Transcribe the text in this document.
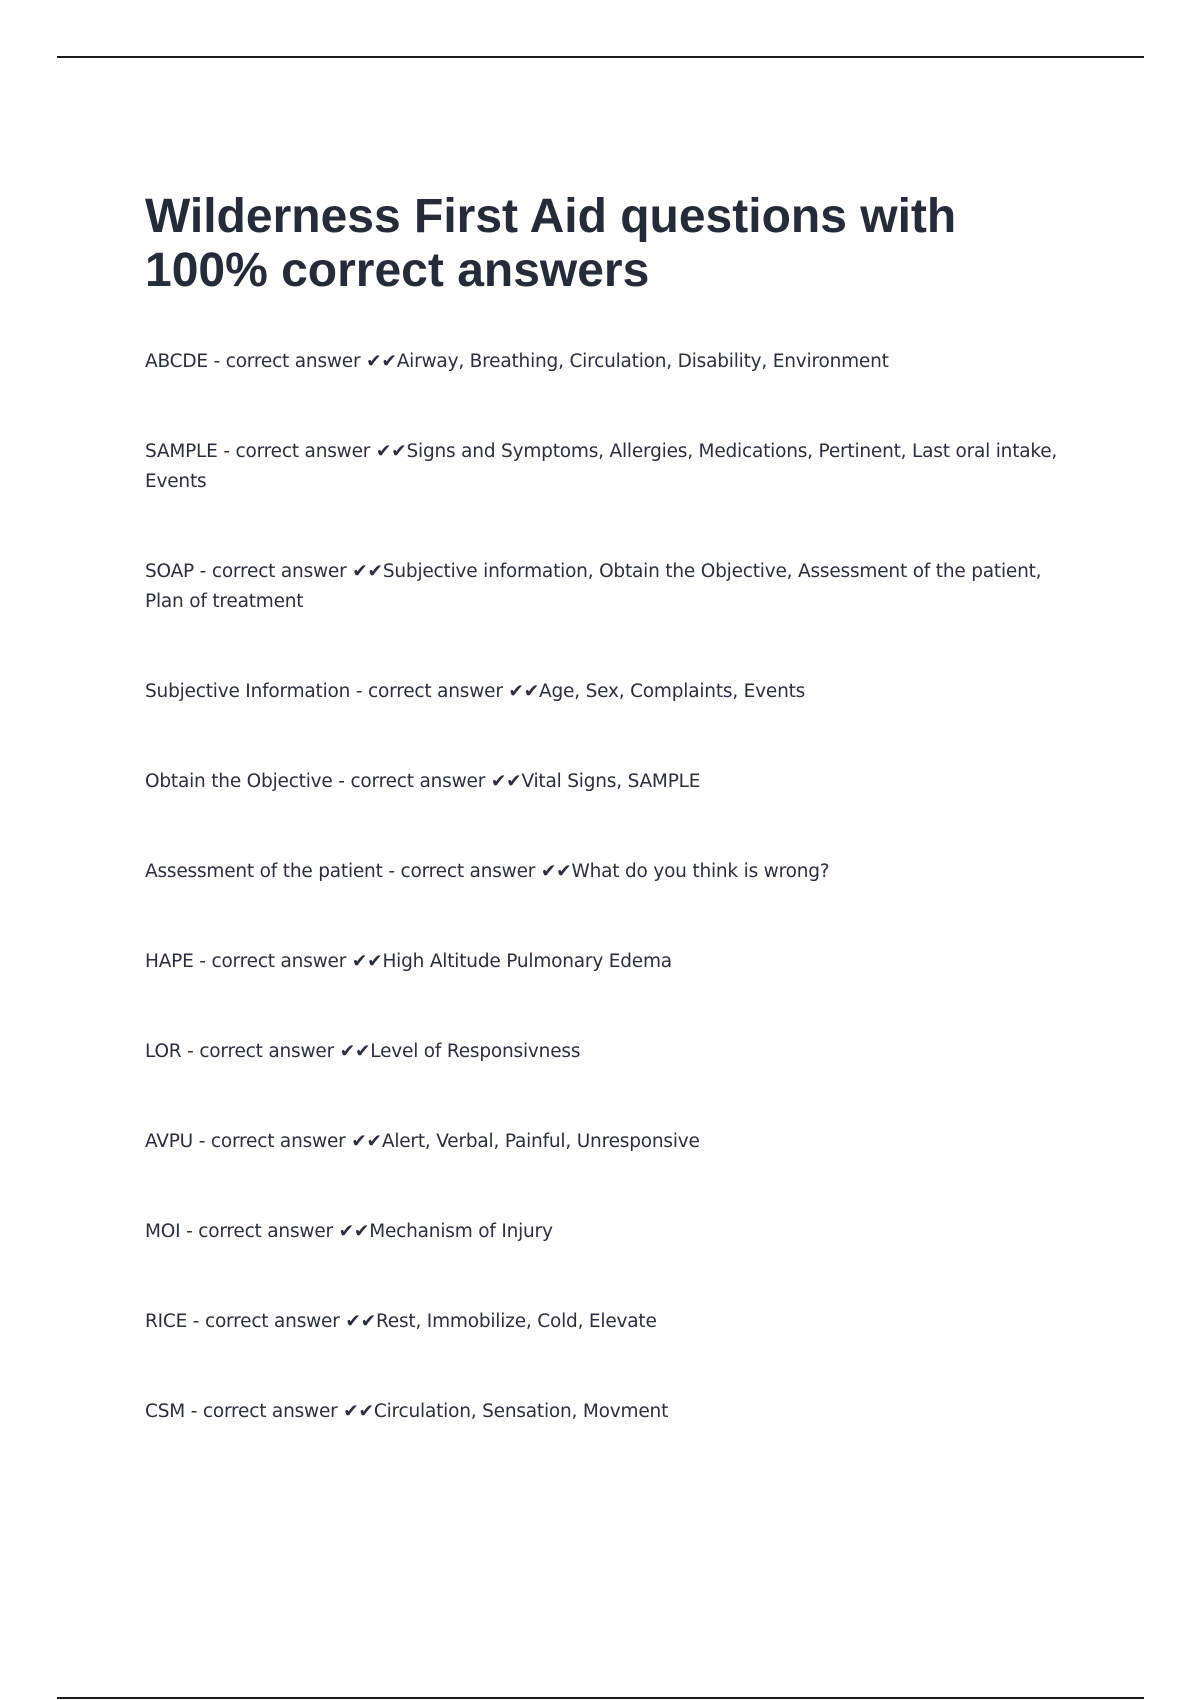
Wilderness First Aid questions with 100% correct answers
ABCDE - correct answer ✔✔Airway, Breathing, Circulation, Disability, Environment
SAMPLE - correct answer ✔✔Signs and Symptoms, Allergies, Medications, Pertinent, Last oral intake, Events
SOAP - correct answer ✔✔Subjective information, Obtain the Objective, Assessment of the patient, Plan of treatment
Subjective Information - correct answer ✔✔Age, Sex, Complaints, Events
Obtain the Objective - correct answer ✔✔Vital Signs, SAMPLE
Assessment of the patient - correct answer ✔✔What do you think is wrong?
HAPE - correct answer ✔✔High Altitude Pulmonary Edema
LOR - correct answer ✔✔Level of Responsivness
AVPU - correct answer ✔✔Alert, Verbal, Painful, Unresponsive
MOI - correct answer ✔✔Mechanism of Injury
RICE - correct answer ✔✔Rest, Immobilize, Cold, Elevate
CSM - correct answer ✔✔Circulation, Sensation, Movment
